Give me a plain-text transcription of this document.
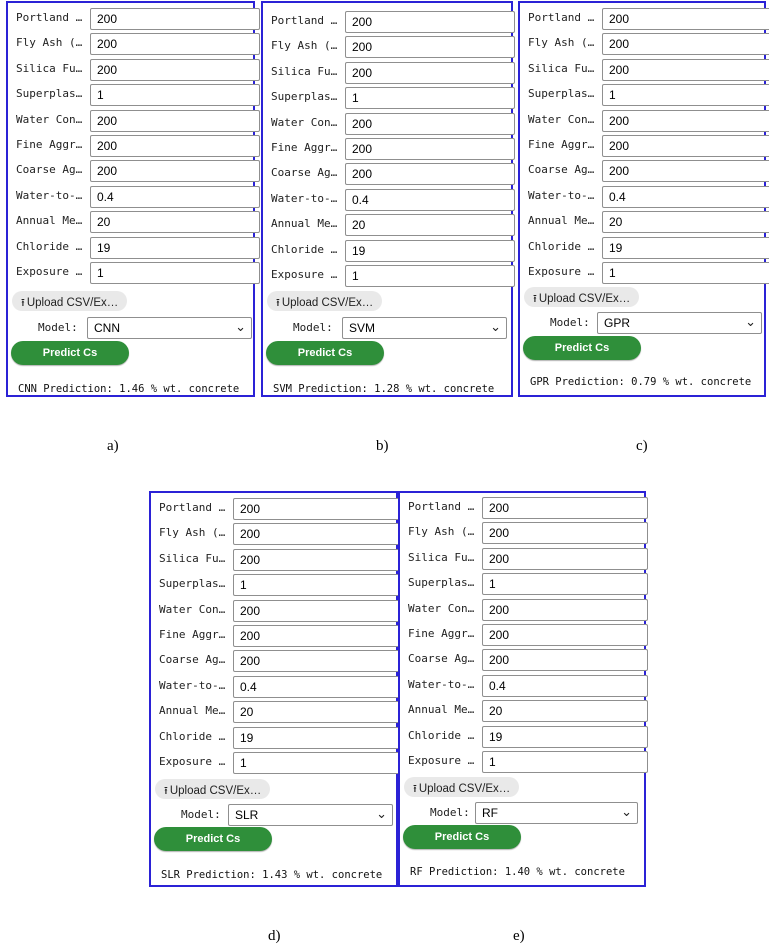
Portland …	200
Fly Ash (…	200
Silica Fu…	200
Superplas…	1
Water Con…	200
Fine Aggr…	200
Coarse Ag…	200
Water-to-…	0.4
Annual Me…	20
Chloride …	19
Exposure …	1
⭱ Upload CSV/Ex…
Model:	CNN	⌄
Predict Cs
CNN Prediction: 1.46 % wt. concrete
a)
Portland …	200
Fly Ash (…	200
Silica Fu…	200
Superplas…	1
Water Con…	200
Fine Aggr…	200
Coarse Ag…	200
Water-to-…	0.4
Annual Me…	20
Chloride …	19
Exposure …	1
⭱ Upload CSV/Ex…
Model:	SVM	⌄
Predict Cs
SVM Prediction: 1.28 % wt. concrete
b)
Portland …	200
Fly Ash (…	200
Silica Fu…	200
Superplas…	1
Water Con…	200
Fine Aggr…	200
Coarse Ag…	200
Water-to-…	0.4
Annual Me…	20
Chloride …	19
Exposure …	1
⭱ Upload CSV/Ex…
Model:	GPR	⌄
Predict Cs
GPR Prediction: 0.79 % wt. concrete
c)
Portland …	200
Fly Ash (…	200
Silica Fu…	200
Superplas…	1
Water Con…	200
Fine Aggr…	200
Coarse Ag…	200
Water-to-…	0.4
Annual Me…	20
Chloride …	19
Exposure …	1
⭱ Upload CSV/Ex…
Model:	SLR	⌄
Predict Cs
SLR Prediction: 1.43 % wt. concrete
d)
Portland …	200
Fly Ash (…	200
Silica Fu…	200
Superplas…	1
Water Con…	200
Fine Aggr…	200
Coarse Ag…	200
Water-to-…	0.4
Annual Me…	20
Chloride …	19
Exposure …	1
⭱ Upload CSV/Ex…
Model:	RF	⌄
Predict Cs
RF Prediction: 1.40 % wt. concrete
e)
